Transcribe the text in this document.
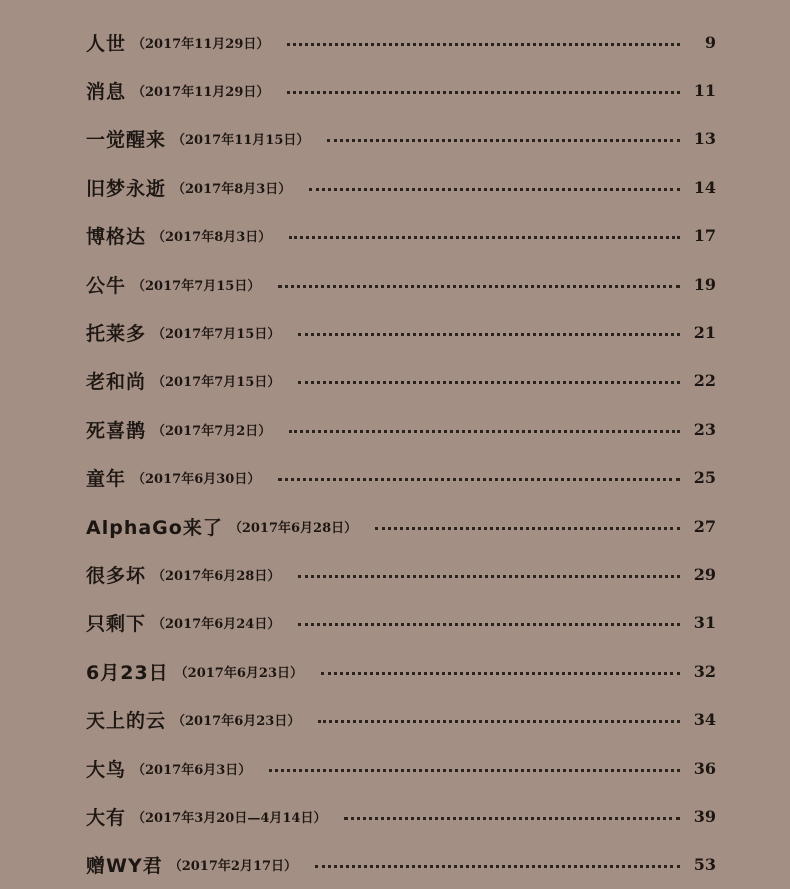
人世 （2017年11月29日）	9
消息 （2017年11月29日）	11
一觉醒来 （2017年11月15日）	13
旧梦永逝 （2017年8月3日）	14
博格达 （2017年8月3日）	17
公牛 （2017年7月15日）	19
托莱多 （2017年7月15日）	21
老和尚 （2017年7月15日）	22
死喜鹊 （2017年7月2日）	23
童年 （2017年6月30日）	25
AlphaGo来了 （2017年6月28日）	27
很多坏 （2017年6月28日）	29
只剩下 （2017年6月24日）	31
6月23日 （2017年6月23日）	32
天上的云 （2017年6月23日）	34
大鸟 （2017年6月3日）	36
大有 （2017年3月20日—4月14日）	39
赠WY君 （2017年2月17日）	53
